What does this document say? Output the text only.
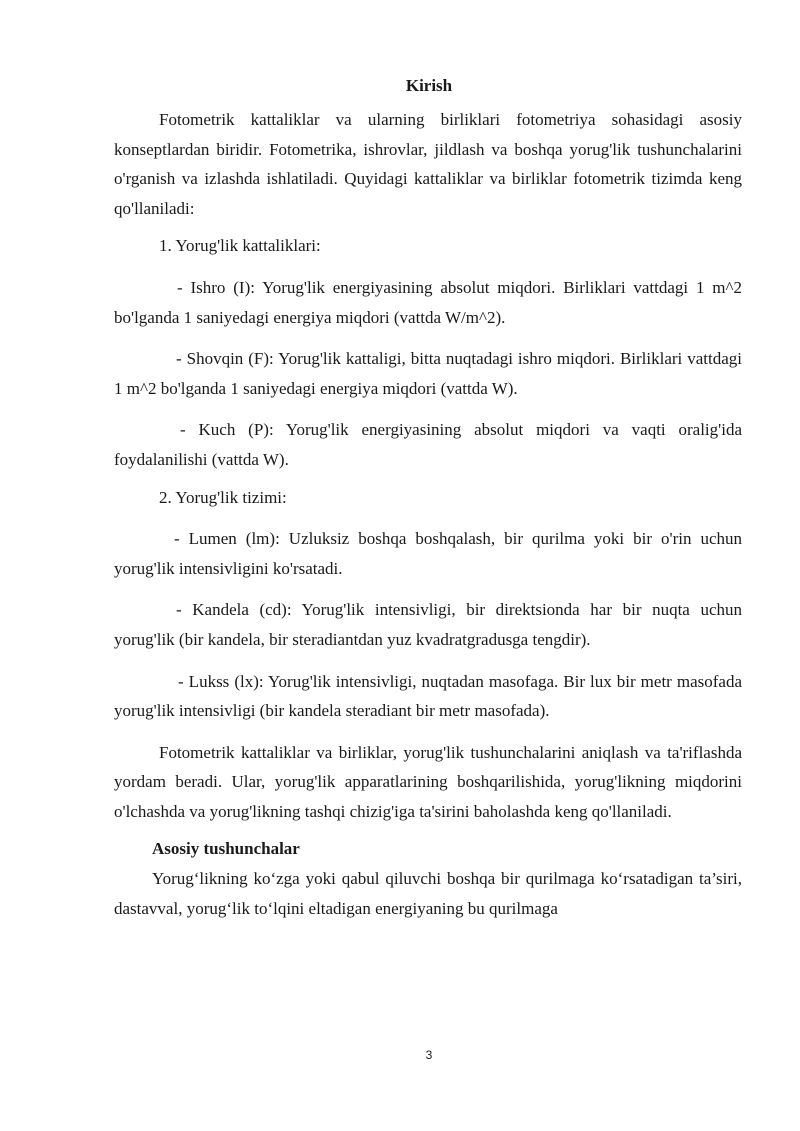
Kirish

Fotometrik kattaliklar va ularning birliklari fotometriya sohasidagi asosiy konseptlardan biridir. Fotometrika, ishrovlar, jildlash va boshqa yorug'lik tushunchalarini o'rganish va izlashda ishlatiladi. Quyidagi kattaliklar va birliklar fotometrik tizimda keng qo'llaniladi:

1. Yorug'lik kattaliklari:

- Ishro (I): Yorug'lik energiyasining absolut miqdori. Birliklari vattdagi 1 m^2 bo'lganda 1 saniyedagi energiya miqdori (vattda W/m^2).

- Shovqin (F): Yorug'lik kattaligi, bitta nuqtadagi ishro miqdori. Birliklari vattdagi 1 m^2 bo'lganda 1 saniyedagi energiya miqdori (vattda W).

- Kuch (P): Yorug'lik energiyasining absolut miqdori va vaqti oralig'ida foydalanilishi (vattda W).

2. Yorug'lik tizimi:

- Lumen (lm): Uzluksiz boshqa boshqalash, bir qurilma yoki bir o'rin uchun yorug'lik intensivligini ko'rsatadi.

- Kandela (cd): Yorug'lik intensivligi, bir direktsionda har bir nuqta uchun yorug'lik (bir kandela, bir steradiantdan yuz kvadratgradusga tengdir).

- Lukss (lx): Yorug'lik intensivligi, nuqtadan masofaga. Bir lux bir metr masofada yorug'lik intensivligi (bir kandela steradiant bir metr masofada).

Fotometrik kattaliklar va birliklar, yorug'lik tushunchalarini aniqlash va ta'riflashda yordam beradi. Ular, yorug'lik apparatlarining boshqarilishida, yorug'likning miqdorini o'lchashda va yorug'likning tashqi chizig'iga ta'sirini baholashda keng qo'llaniladi.

Asosiy tushunchalar

Yorug‘likning ko‘zga yoki qabul qiluvchi boshqa bir qurilmaga ko‘rsatadigan ta’siri, dastavval, yorug‘lik to‘lqini eltadigan energiyaning bu qurilmaga

3
